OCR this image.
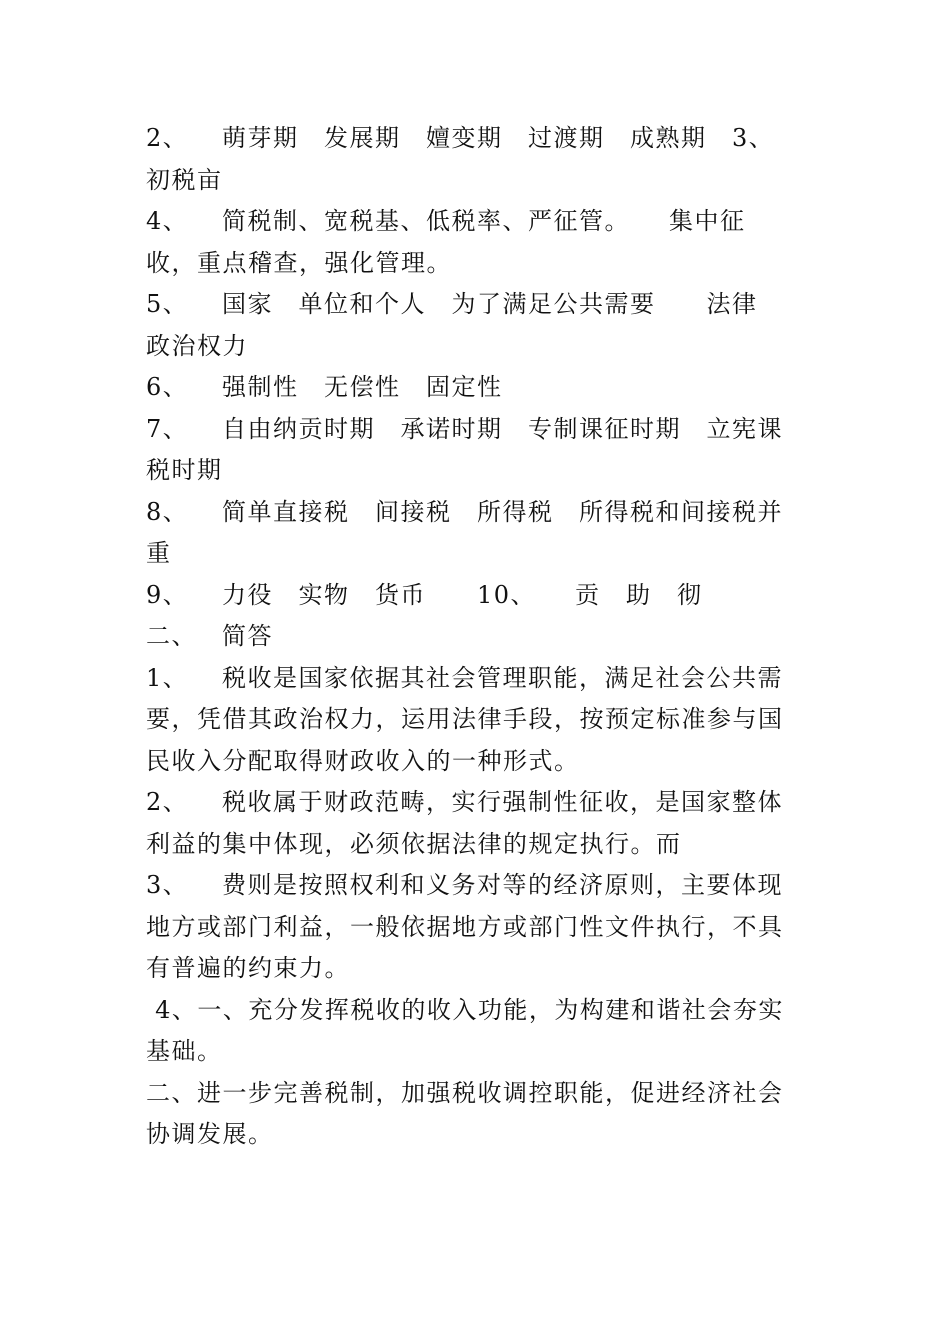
2、 萌芽期　发展期　嬗变期　过渡期　成熟期　3、初税亩

4、 简税制、宽税基、低税率、严征管。　　集中征收，重点稽查，强化管理。

5、 国家　单位和个人　为了满足公共需要　　法律　　政治权力

6、 强制性　无偿性　固定性

7、 自由纳贡时期　承诺时期　专制课征时期　立宪课税时期

8、 简单直接税　间接税　所得税　所得税和间接税并重

9、 力役　实物　货币　　10、　　贡　助　彻

二、 简答

1、 税收是国家依据其社会管理职能，满足社会公共需要，凭借其政治权力，运用法律手段，按预定标准参与国民收入分配取得财政收入的一种形式。

2、 税收属于财政范畴，实行强制性征收，是国家整体利益的集中体现，必须依据法律的规定执行。而

3、 费则是按照权利和义务对等的经济原则，主要体现地方或部门利益，一般依据地方或部门性文件执行，不具有普遍的约束力。

4、一、充分发挥税收的收入功能，为构建和谐社会夯实基础。

二、进一步完善税制，加强税收调控职能，促进经济社会协调发展。
